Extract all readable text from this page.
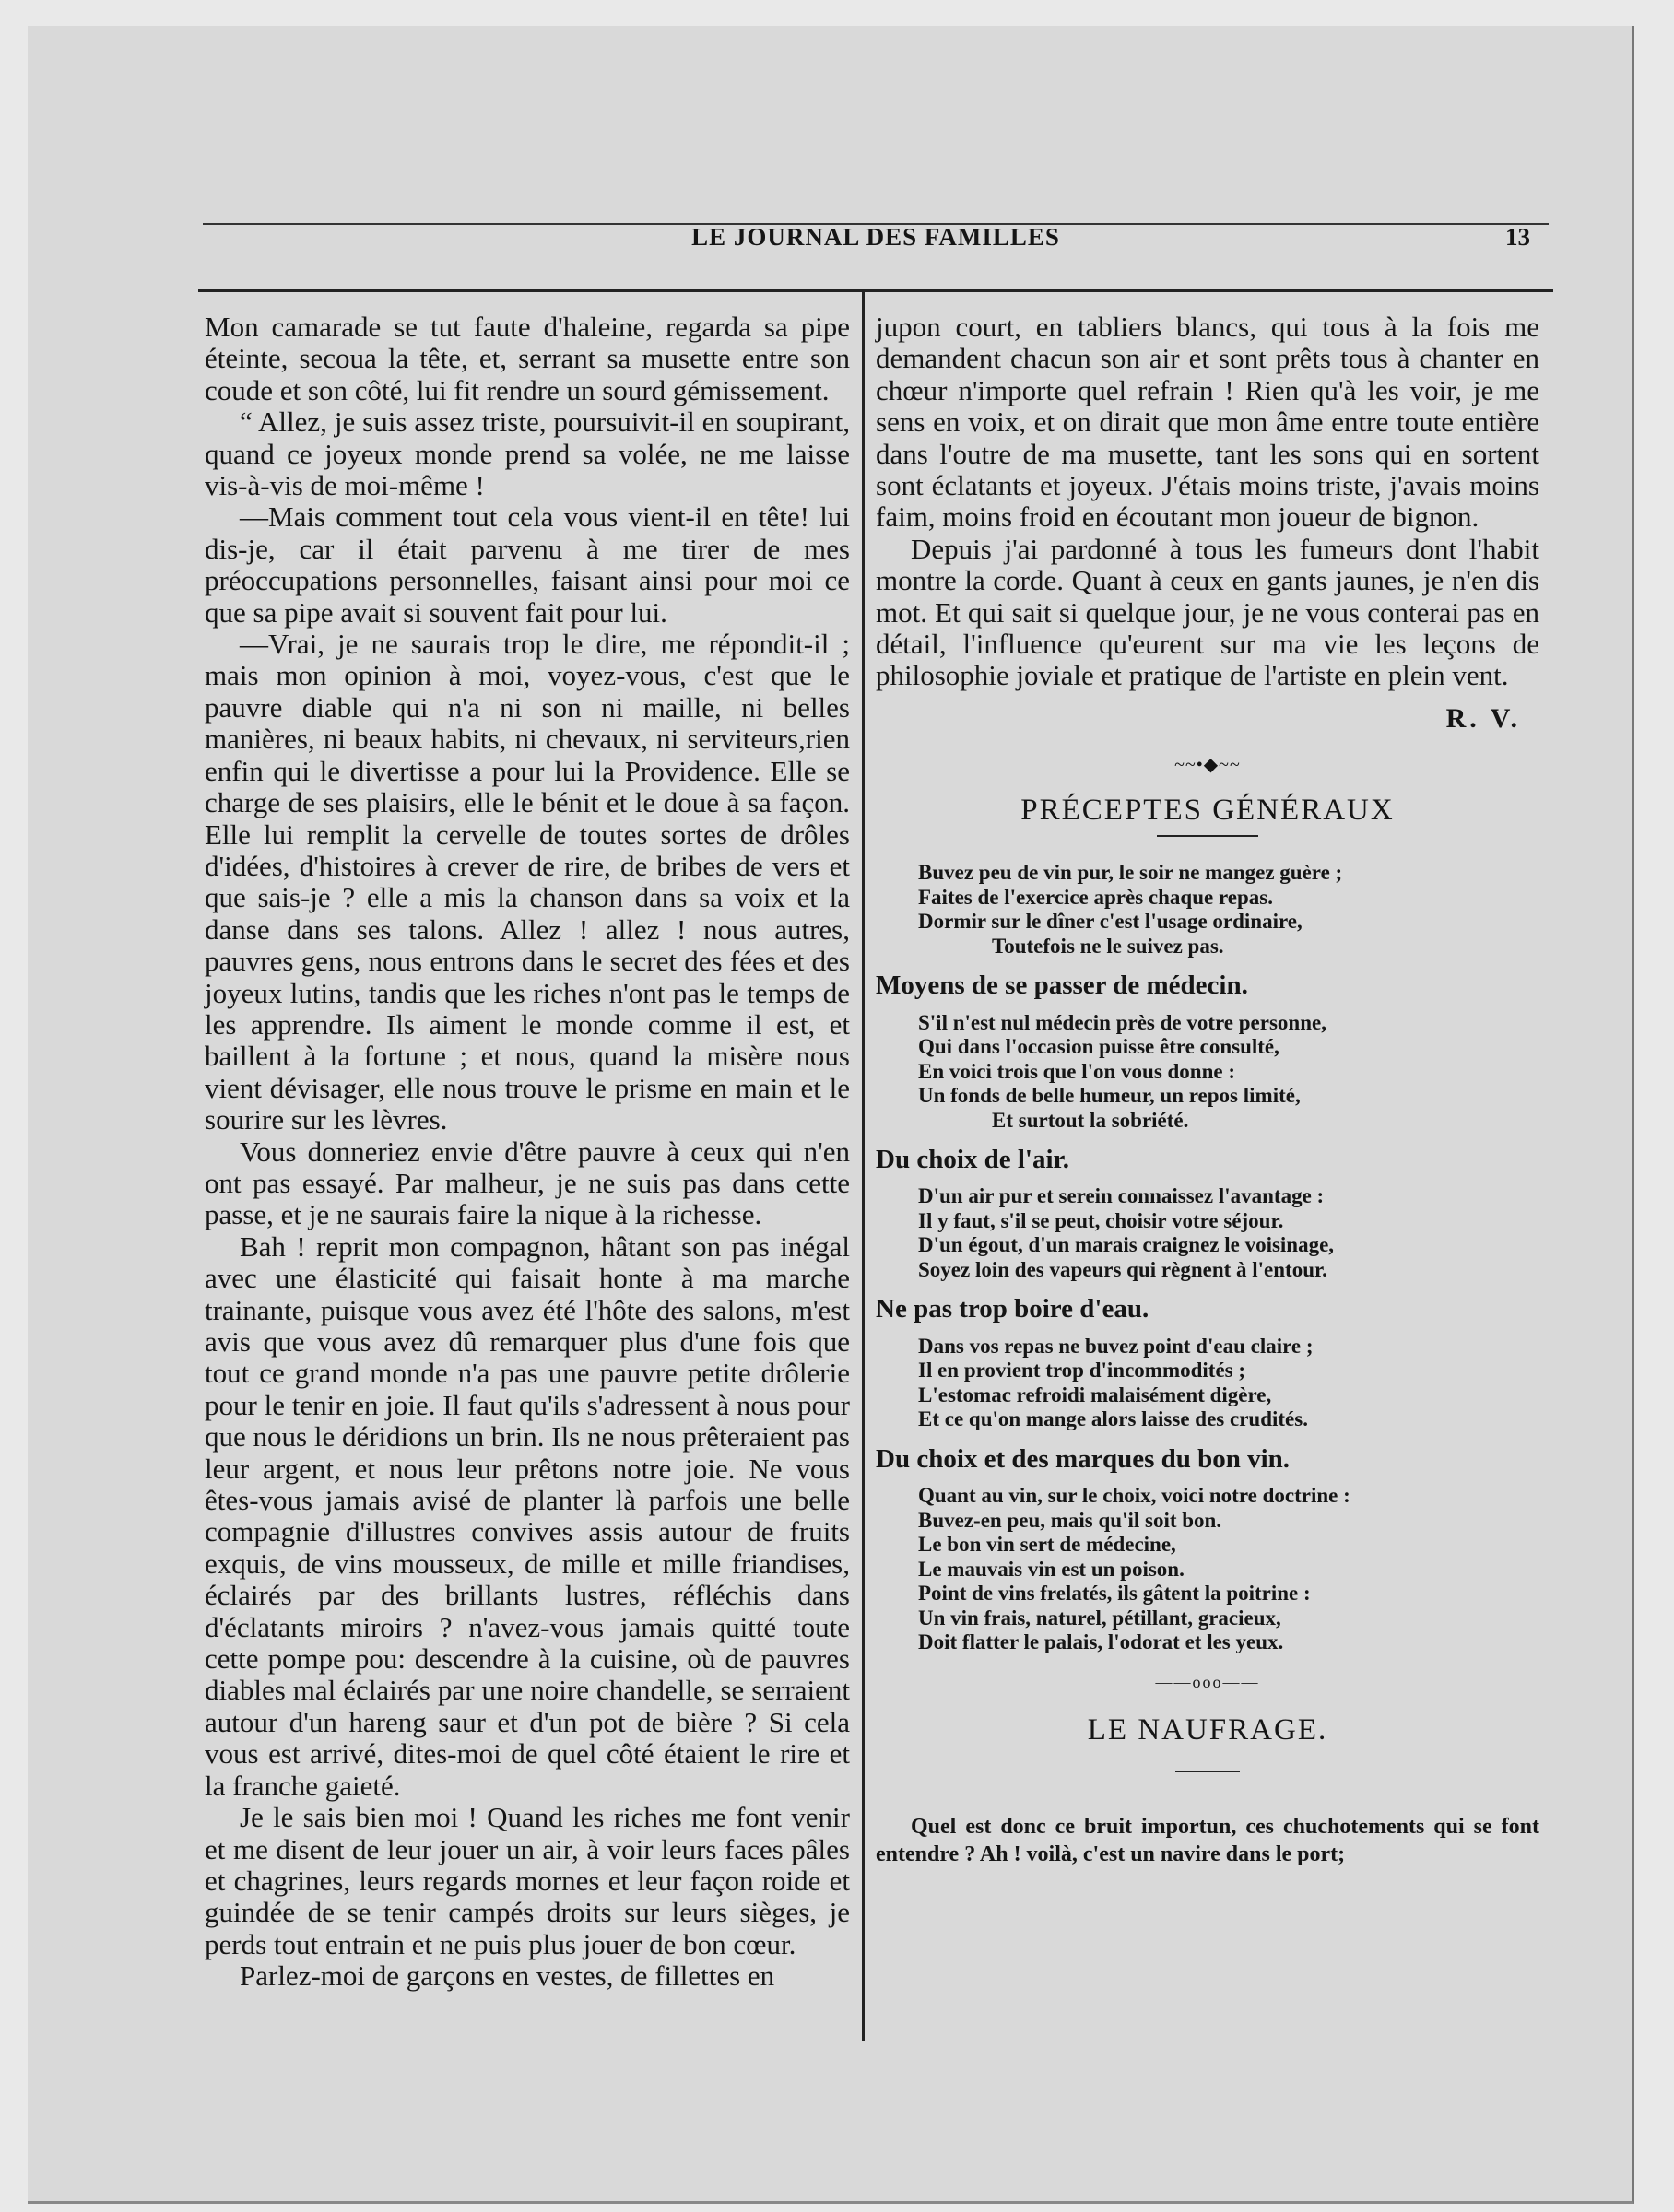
LE JOURNAL DES FAMILLES	13

Mon camarade se tut faute d'haleine, regarda sa pipe éteinte, secoua la tête, et, serrant sa musette entre son coude et son côté, lui fit rendre un sourd gémissement.

“ Allez, je suis assez triste, poursuivit-il en soupirant, quand ce joyeux monde prend sa volée, ne me laisse vis-à-vis de moi-même !

—Mais comment tout cela vous vient-il en tête! lui dis-je, car il était parvenu à me tirer de mes préoccupations personnelles, faisant ainsi pour moi ce que sa pipe avait si souvent fait pour lui.

—Vrai, je ne saurais trop le dire, me répondit-il ; mais mon opinion à moi, voyez-vous, c'est que le pauvre diable qui n'a ni son ni maille, ni belles manières, ni beaux habits, ni chevaux, ni serviteurs,rien enfin qui le divertisse a pour lui la Providence. Elle se charge de ses plaisirs, elle le bénit et le doue à sa façon. Elle lui remplit la cervelle de toutes sortes de drôles d'idées, d'histoires à crever de rire, de bribes de vers et que sais-je ? elle a mis la chanson dans sa voix et la danse dans ses talons. Allez ! allez ! nous autres, pauvres gens, nous entrons dans le secret des fées et des joyeux lutins, tandis que les riches n'ont pas le temps de les apprendre. Ils aiment le monde comme il est, et baillent à la fortune ; et nous, quand la misère nous vient dévisager, elle nous trouve le prisme en main et le sourire sur les lèvres.

Vous donneriez envie d'être pauvre à ceux qui n'en ont pas essayé. Par malheur, je ne suis pas dans cette passe, et je ne saurais faire la nique à la richesse.

Bah ! reprit mon compagnon, hâtant son pas inégal avec une élasticité qui faisait honte à ma marche trainante, puisque vous avez été l'hôte des salons, m'est avis que vous avez dû remarquer plus d'une fois que tout ce grand monde n'a pas une pauvre petite drôlerie pour le tenir en joie. Il faut qu'ils s'adressent à nous pour que nous le déridions un brin. Ils ne nous prêteraient pas leur argent, et nous leur prêtons notre joie. Ne vous êtes-vous jamais avisé de planter là parfois une belle compagnie d'illustres convives assis autour de fruits exquis, de vins mousseux, de mille et mille friandises, éclairés par des brillants lustres, réfléchis dans d'éclatants miroirs ? n'avez-vous jamais quitté toute cette pompe pou: descendre à la cuisine, où de pauvres diables mal éclairés par une noire chandelle, se serraient autour d'un hareng saur et d'un pot de bière ? Si cela vous est arrivé, dites-moi de quel côté étaient le rire et la franche gaieté.

Je le sais bien moi ! Quand les riches me font venir et me disent de leur jouer un air, à voir leurs faces pâles et chagrines, leurs regards mornes et leur façon roide et guindée de se tenir campés droits sur leurs sièges, je perds tout entrain et ne puis plus jouer de bon cœur.

Parlez-moi de garçons en vestes, de fillettes en

jupon court, en tabliers blancs, qui tous à la fois me demandent chacun son air et sont prêts tous à chanter en chœur n'importe quel refrain ! Rien qu'à les voir, je me sens en voix, et on dirait que mon âme entre toute entière dans l'outre de ma musette, tant les sons qui en sortent sont éclatants et joyeux. J'étais moins triste, j'avais moins faim, moins froid en écoutant mon joueur de bignon.

Depuis j'ai pardonné à tous les fumeurs dont l'habit montre la corde. Quant à ceux en gants jaunes, je n'en dis mot. Et qui sait si quelque jour, je ne vous conterai pas en détail, l'influence qu'eurent sur ma vie les leçons de philosophie joviale et pratique de l'artiste en plein vent.

R. V.
~~•◆~~
PRÉCEPTES GÉNÉRAUX
Buvez peu de vin pur, le soir ne mangez guère ;
Faites de l'exercice après chaque repas.
Dormir sur le dîner c'est l'usage ordinaire,
Toutefois ne le suivez pas.
Moyens de se passer de médecin.
S'il n'est nul médecin près de votre personne,
Qui dans l'occasion puisse être consulté,
En voici trois que l'on vous donne :
Un fonds de belle humeur, un repos limité,
Et surtout la sobriété.
Du choix de l'air.
D'un air pur et serein connaissez l'avantage :
Il y faut, s'il se peut, choisir votre séjour.
D'un égout, d'un marais craignez le voisinage,
Soyez loin des vapeurs qui règnent à l'entour.
Ne pas trop boire d'eau.
Dans vos repas ne buvez point d'eau claire ;
Il en provient trop d'incommodités ;
L'estomac refroidi malaisément digère,
Et ce qu'on mange alors laisse des crudités.
Du choix et des marques du bon vin.
Quant au vin, sur le choix, voici notre doctrine :
Buvez-en peu, mais qu'il soit bon.
Le bon vin sert de médecine,
Le mauvais vin est un poison.
Point de vins frelatés, ils gâtent la poitrine :
Un vin frais, naturel, pétillant, gracieux,
Doit flatter le palais, l'odorat et les yeux.
——ooo——
LE NAUFRAGE.

Quel est donc ce bruit importun, ces chuchotements qui se font entendre ? Ah ! voilà, c'est un navire dans le port;
